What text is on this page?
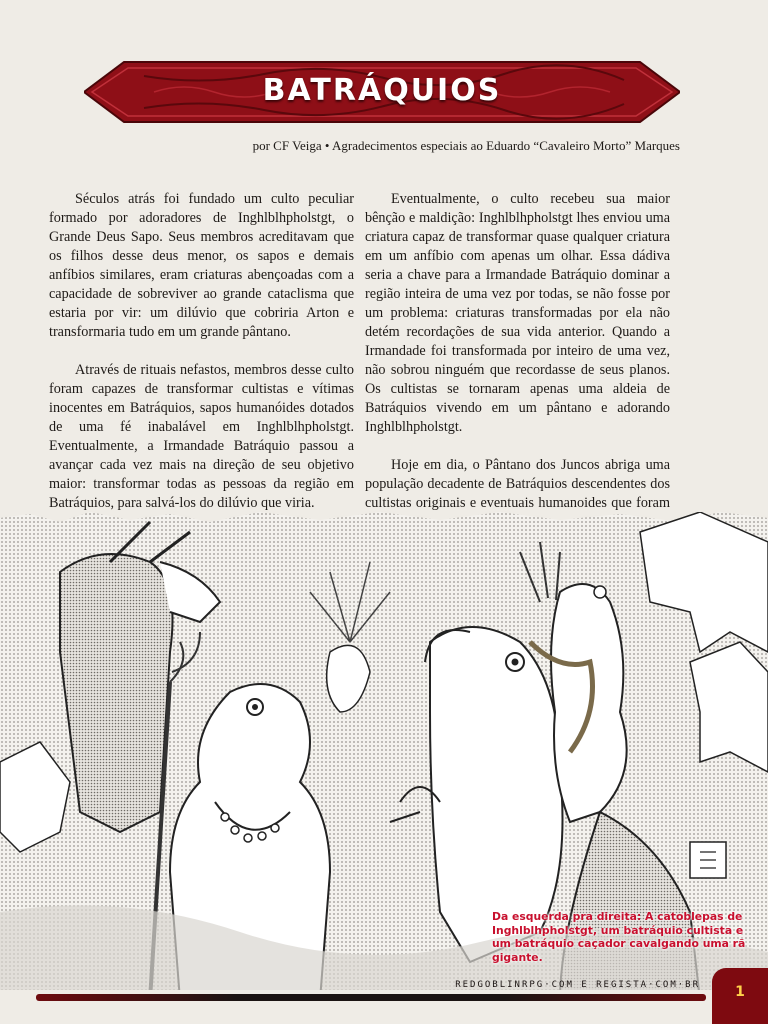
BATRÁQUIOS
por CF Veiga • Agradecimentos especiais ao Eduardo “Cavaleiro Morto” Marques

Séculos atrás foi fundado um culto peculiar formado por adoradores de Inghlblhpholstgt, o Grande Deus Sapo. Seus membros acreditavam que os filhos desse deus menor, os sapos e demais anfíbios similares, eram criaturas abençoadas com a capacidade de sobreviver ao grande cataclisma que estaria por vir: um dilúvio que cobriria Arton e transformaria tudo em um grande pântano.

Através de rituais nefastos, membros desse culto foram capazes de transformar cultistas e vítimas inocentes em Batráquios, sapos humanóides dotados de uma fé inabalável em Inghlblhpholstgt. Eventualmente, a Irmandade Batráquio passou a avançar cada vez mais na direção de seu objetivo maior: transformar todas as pessoas da região em Batráquios, para salvá-los do dilúvio que viria.

Eventualmente, o culto recebeu sua maior bênção e maldição: Inghlblhpholstgt lhes enviou uma criatura capaz de transformar quase qualquer criatura em um anfíbio com apenas um olhar. Essa dádiva seria a chave para a Irmandade Batráquio dominar a região inteira de uma vez por todas, se não fosse por um problema: criaturas transformadas por ela não detém recordações de sua vida anterior. Quando a Irmandade foi transformada por inteiro de uma vez, não sobrou ninguém que recordasse de seus planos. Os cultistas se tornaram apenas uma aldeia de Batráquios vivendo em um pântano e adorando Inghlblhpholstgt.

Hoje em dia, o Pântano dos Juncos abriga uma população decadente de Batráquios descendentes dos cultistas originais e eventuais humanoides que foram

Da esquerda pra direita: A catoblepas de Inghlblhpholstgt, um batráquio cultista e um batráquio caçador cavalgando uma rã gigante.
REDGOBLINRPG·COM E REGISTA·COM·BR	1
